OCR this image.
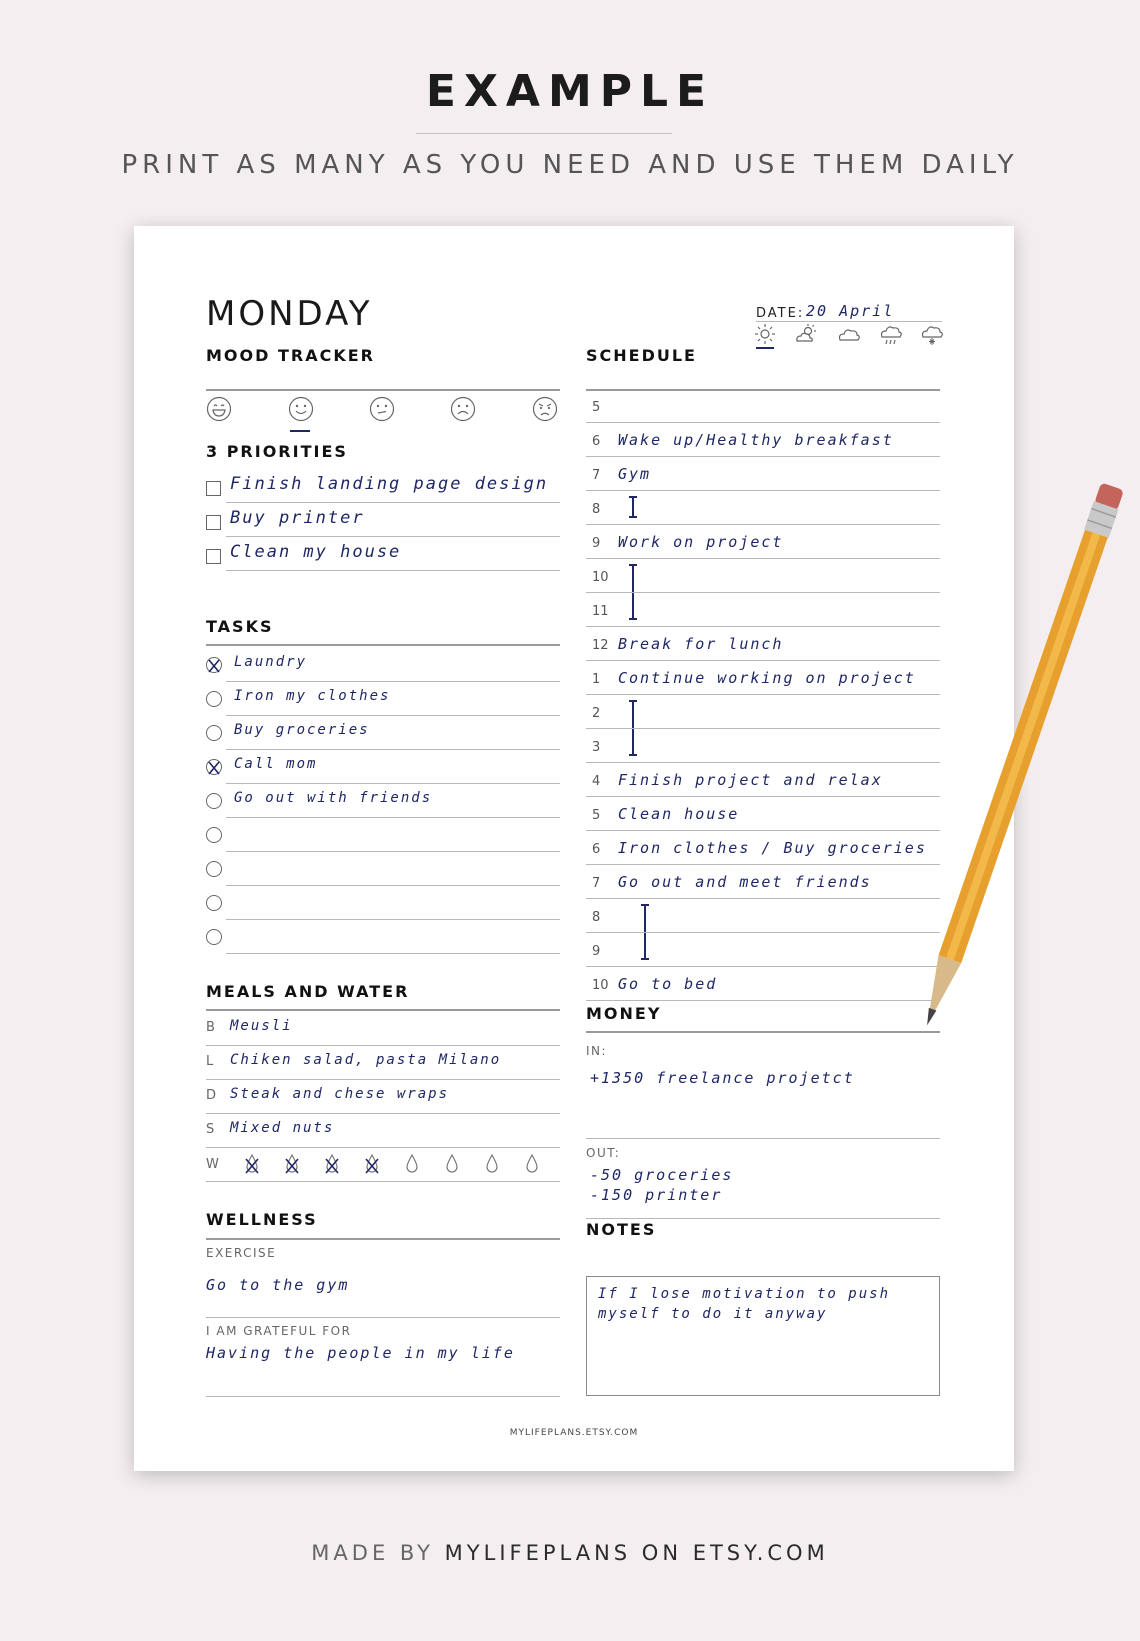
EXAMPLE
PRINT AS MANY AS YOU NEED AND USE THEM DAILY
MONDAY	DATE: 20 April
MOOD TRACKER
3 PRIORITIES
TASKS
MEALS AND WATER
W
WELLNESS
EXERCISE
Go to the gym
I AM GRATEFUL FOR
Having the people in my life
SCHEDULE
MONEY
IN:
+1350 freelance projetct
OUT:
-50 groceries
-150 printer
NOTES
If I lose motivation to push
myself to do it anyway
MYLIFEPLANS.ETSY.COM
Finish landing page design
Buy printer
Clean my house
Laundry
Iron my clothes
Buy groceries
Call mom
Go out with friends
B Meusli
L Chiken salad, pasta Milano
D Steak and chese wraps
S Mixed nuts
5
6 Wake up/Healthy breakfast
7 Gym
8
9 Work on project
10
11
12 Break for lunch
1 Continue working on project
2
3
4 Finish project and relax
5 Clean house
6 Iron clothes / Buy groceries
7 Go out and meet friends
8
9
10 Go to bed
MADE BY MYLIFEPLANS ON ETSY.COM
